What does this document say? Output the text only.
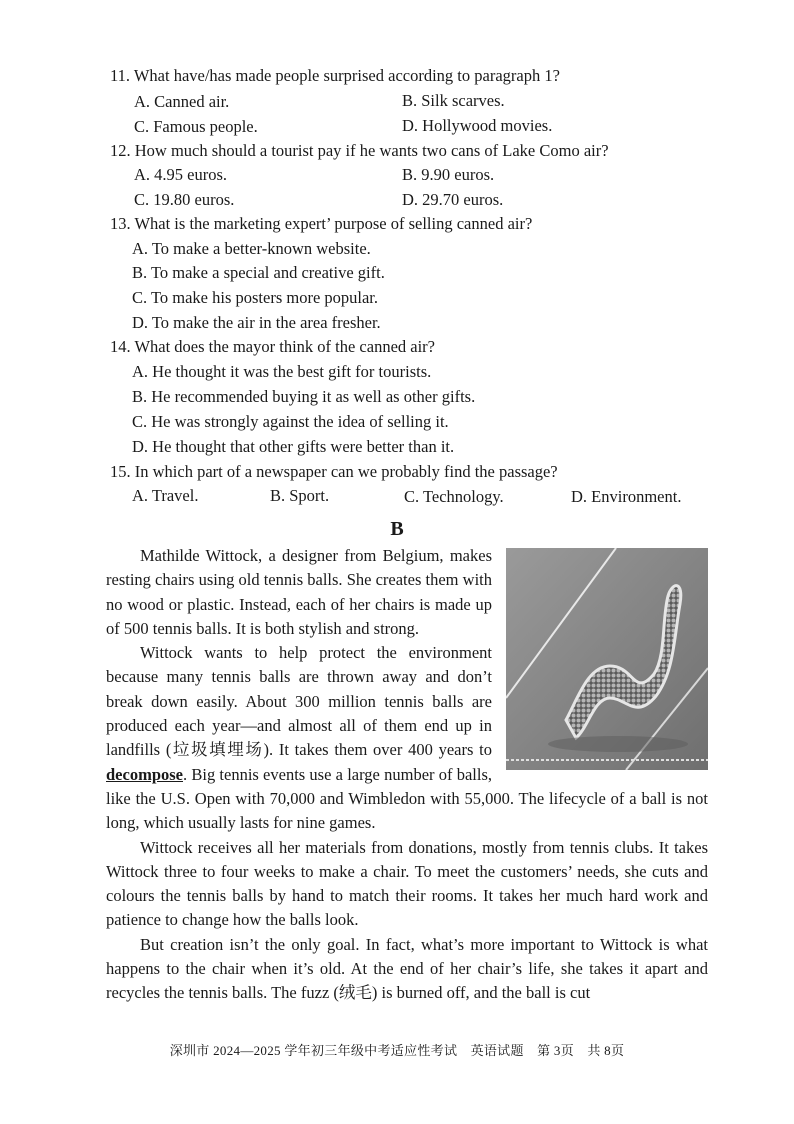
11. What have/has made people surprised according to paragraph 1?
A. Canned air.	B. Silk scarves.
C. Famous people.	D. Hollywood movies.
12. How much should a tourist pay if he wants two cans of Lake Como air?
A. 4.95 euros.	B. 9.90 euros.
C. 19.80 euros.	D. 29.70 euros.
13. What is the marketing expert’ purpose of selling canned air?
A. To make a better-known website.
B. To make a special and creative gift.
C. To make his posters more popular.
D. To make the air in the area fresher.
14. What does the mayor think of the canned air?
A. He thought it was the best gift for tourists.
B. He recommended buying it as well as other gifts.
C. He was strongly against the idea of selling it.
D. He thought that other gifts were better than it.
15. In which part of a newspaper can we probably find the passage?
A. Travel.	B. Sport.	C. Technology.	D. Environment.
B

Mathilde Wittock, a designer from Belgium, makes resting chairs using old tennis balls. She creates them with no wood or plastic. Instead, each of her chairs is made up of 500 tennis balls. It is both stylish and strong.

Wittock wants to help protect the environment because many tennis balls are thrown away and don’t break down easily. About 300 million tennis balls are produced each year—and almost all of them end up in landfills (垃圾填埋场). It takes them over 400 years to decompose. Big tennis events use a large number of balls, like the U.S. Open with 70,000 and Wimbledon with 55,000. The lifecycle of a ball is not long, which usually lasts for nine games.

Wittock receives all her materials from donations, mostly from tennis clubs. It takes Wittock three to four weeks to make a chair. To meet the customers’ needs, she cuts and colours the tennis balls by hand to match their rooms. It takes her much hard work and patience to change how the balls look.

But creation isn’t the only goal. In fact, what’s more important to Wittock is what happens to the chair when it’s old. At the end of her chair’s life, she takes it apart and recycles the tennis balls. The fuzz (绒毛) is burned off, and the ball is cut

深圳市 2024—2025 学年初三年级中考适应性考试　英语试题　第 3页　共 8页
